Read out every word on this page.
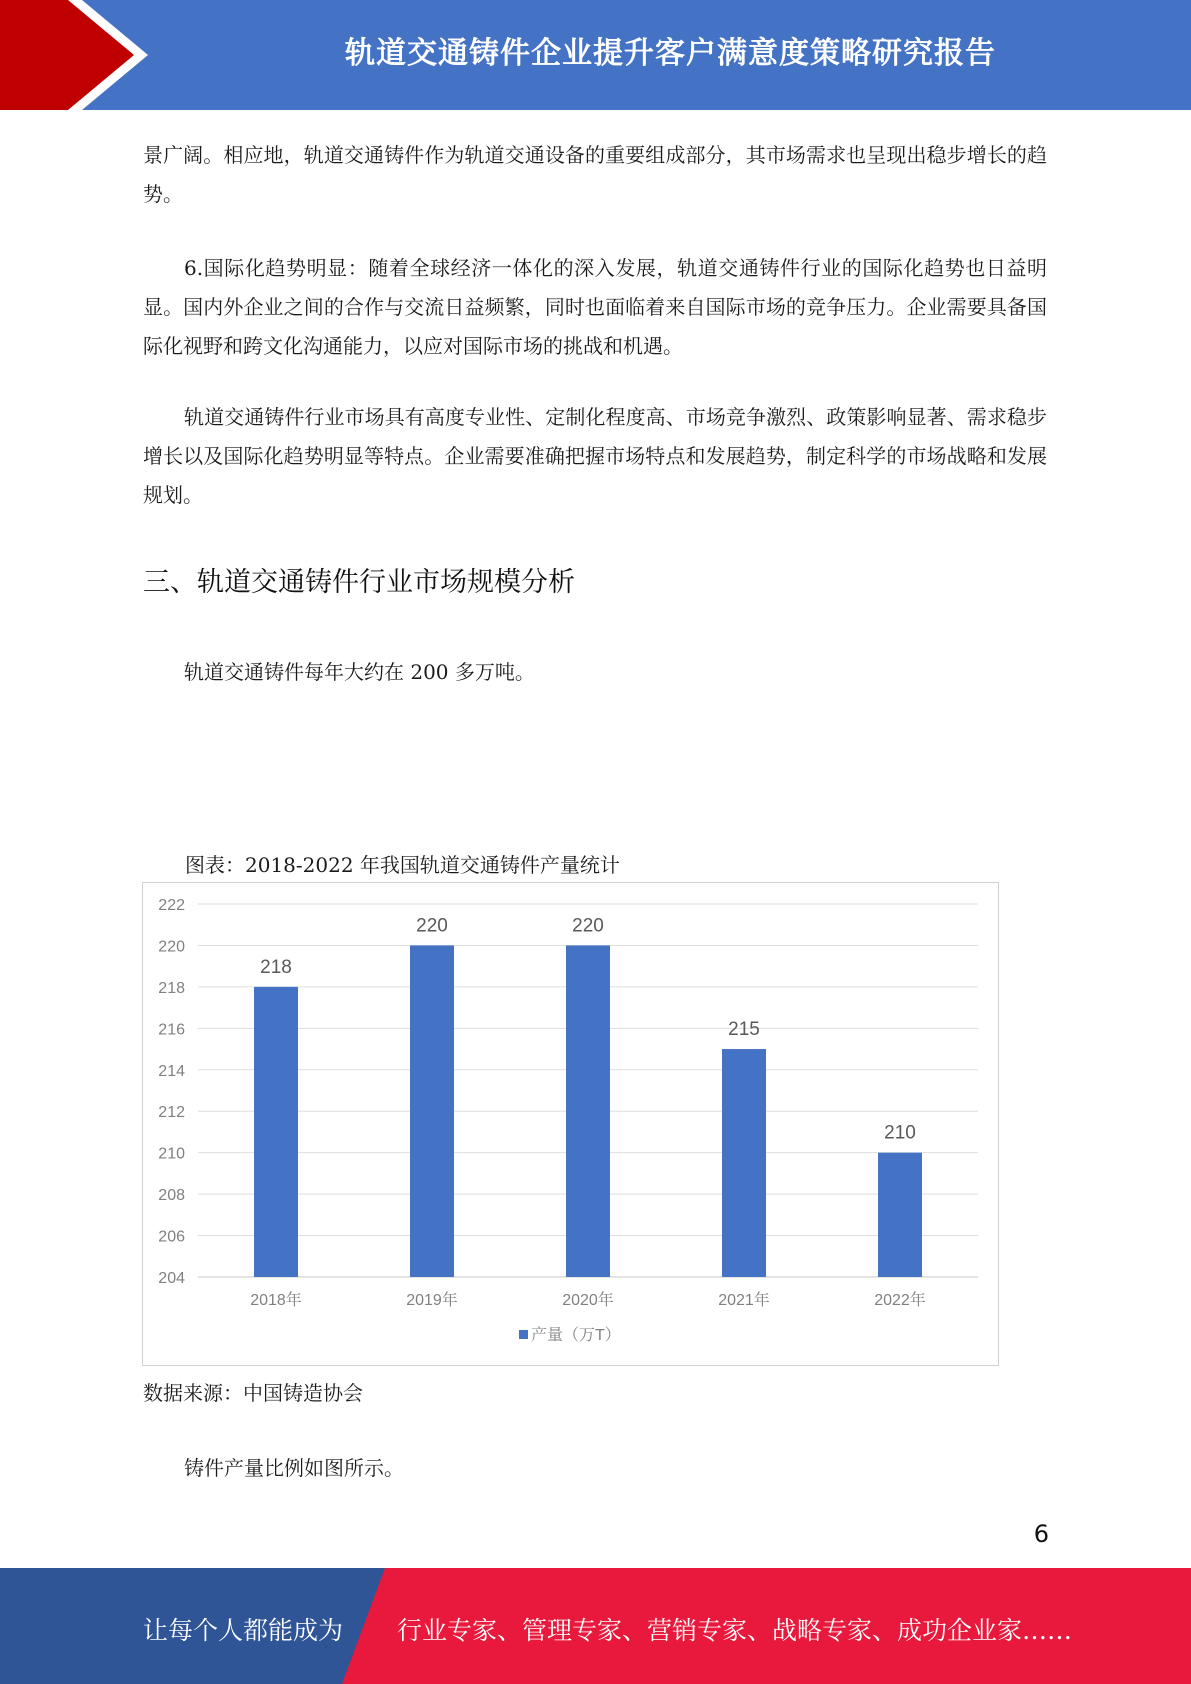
轨道交通铸件企业提升客户满意度策略研究报告

景广阔。相应地，轨道交通铸件作为轨道交通设备的重要组成部分，其市场需求也呈现出稳步增长的趋势。

6.国际化趋势明显：随着全球经济一体化的深入发展，轨道交通铸件行业的国际化趋势也日益明显。国内外企业之间的合作与交流日益频繁，同时也面临着来自国际市场的竞争压力。企业需要具备国际化视野和跨文化沟通能力，以应对国际市场的挑战和机遇。

轨道交通铸件行业市场具有高度专业性、定制化程度高、市场竞争激烈、政策影响显著、需求稳步增长以及国际化趋势明显等特点。企业需要准确把握市场特点和发展趋势，制定科学的市场战略和发展规划。

三、轨道交通铸件行业市场规模分析

轨道交通铸件每年大约在 200 多万吨。

图表：2018-2022 年我国轨道交通铸件产量统计
204
206
208
210
212
214
216
218
220
222
218
2018年
220
2019年
220
2020年
215
2021年
210
2022年
产量（万T）
数据来源：中国铸造协会

铸件产量比例如图所示。

6
让每个人都能成为 行业专家、管理专家、营销专家、战略专家、成功企业家……
